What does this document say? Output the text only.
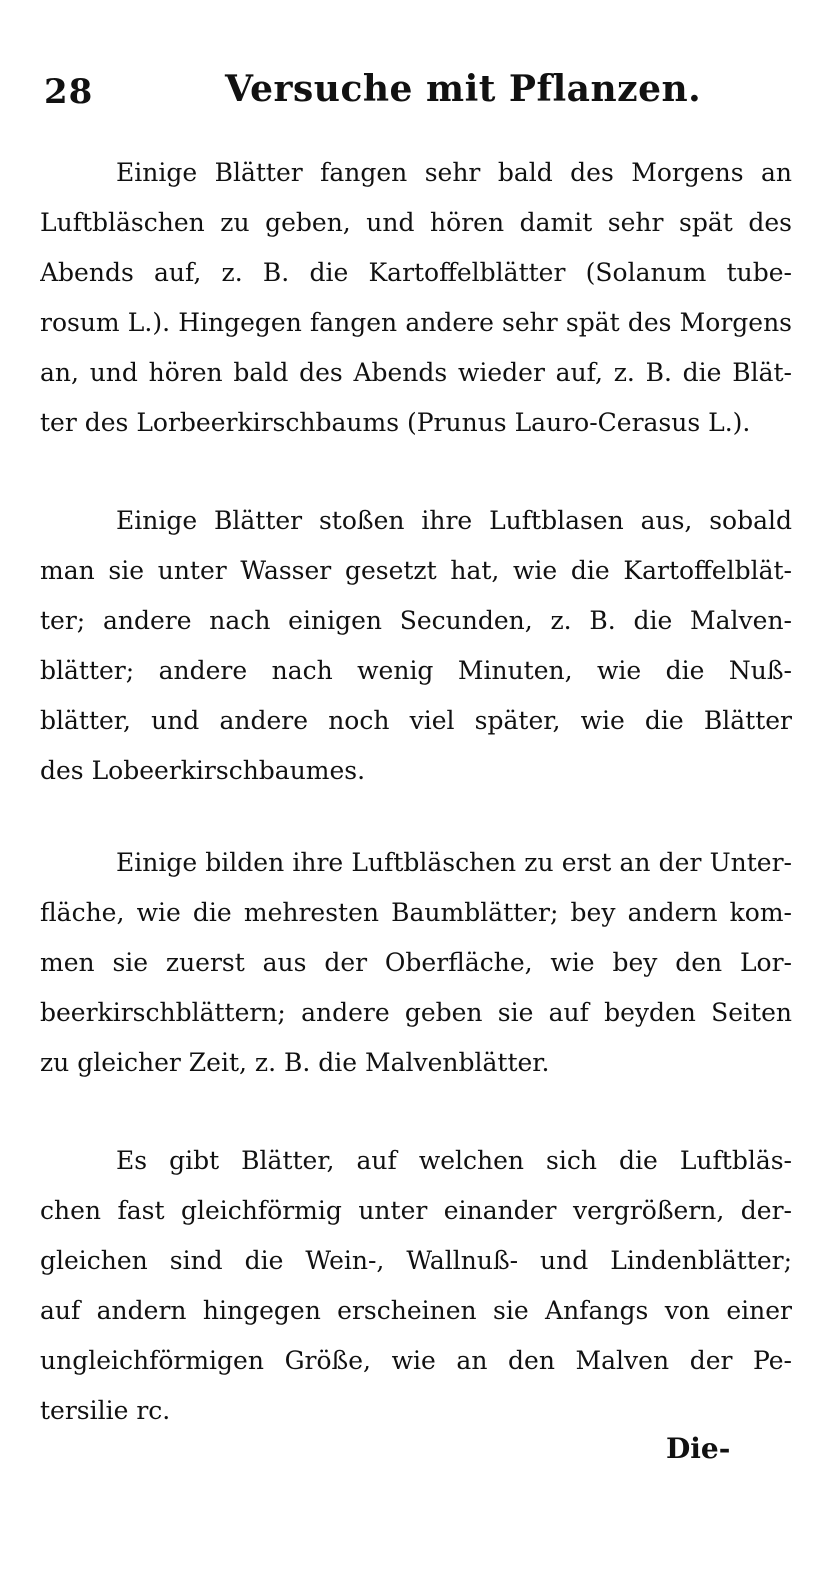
28	Versuche mit Pflanzen.
Einige Blätter fangen sehr bald des Morgens an
Luftbläschen zu geben, und hören damit sehr spät des
Abends auf, z. B. die Kartoffelblätter (Solanum tube-
rosum L.). Hingegen fangen andere sehr spät des Morgens
an, und hören bald des Abends wieder auf, z. B. die Blät-
ter des Lorbeerkirschbaums (Prunus Lauro-Cerasus L.).
Einige Blätter stoßen ihre Luftblasen aus, sobald
man sie unter Wasser gesetzt hat, wie die Kartoffelblät-
ter; andere nach einigen Secunden, z. B. die Malven-
blätter; andere nach wenig Minuten, wie die Nuß-
blätter, und andere noch viel später, wie die Blätter
des Lobeerkirschbaumes.
Einige bilden ihre Luftbläschen zu erst an der Unter-
fläche, wie die mehresten Baumblätter; bey andern kom-
men sie zuerst aus der Oberfläche, wie bey den Lor-
beerkirschblättern; andere geben sie auf beyden Seiten
zu gleicher Zeit, z. B. die Malvenblätter.
Es gibt Blätter, auf welchen sich die Luftbläs-
chen fast gleichförmig unter einander vergrößern, der-
gleichen sind die Wein-, Wallnuß- und Lindenblätter;
auf andern hingegen erscheinen sie Anfangs von einer
ungleichförmigen Größe, wie an den Malven der Pe-
tersilie rc.
Die-
